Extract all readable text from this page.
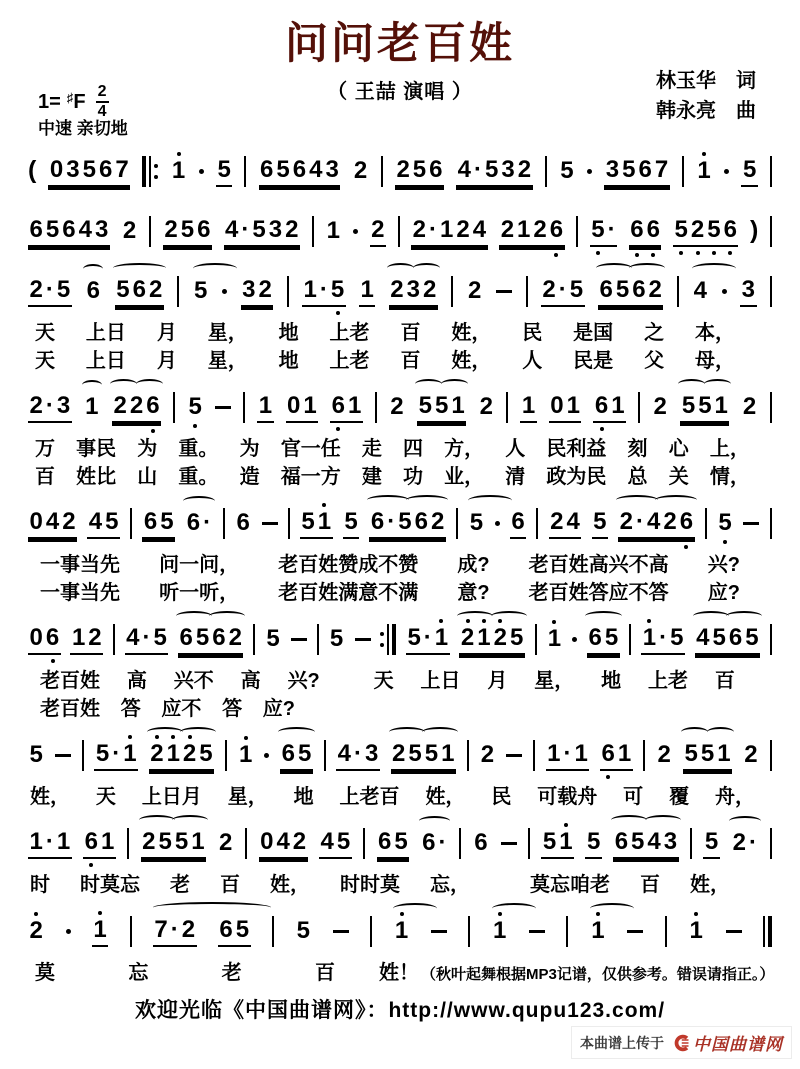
问问老百姓
（ 王喆 演唱 ）	林玉华　词
韩永亮　曲
1= ♯ F $\frac{2}{4}$
中速 亲切地
( 0 3 5 6 7 1 5 6 5 6 4 3 2 2 5 6 4 · 5 3 2 5 3 5 6 7 1 5
6 5 6 4 3 2 2 5 6 4 · 5 3 2 1 2 2 · 1 2 4 2 1 2 6 5 · 6 6 5 2 5 6 )
2 · 5 6 5 6 2 5 3 2 1 · 5 1 2 3 2 2	2 · 5 6 5 6 2 4 3
天 上日 月 星， 地 上老 百 姓， 民 是国 之 本，
天 上日 月 星， 地 上老 百 姓， 人 民是 父 母，
2 · 3 1 2 2 6 5 1 0 1 6 1 2 5 5 1 2 1 0 1 6 1 2 5 5 1 2
万 事民 为 重。 为 官一任 走 四 方， 人 民利益 刻 心 上，
百 姓比 山 重。 造 福一方 建 功 业， 清 政为民 总 关 情，
0 4 2 4 5 6 5 6 · 6 5 1 5 6 · 5 6 2 5 6 2 4 5 2 · 4 2 6 5
一事当先 问一问， 老百姓赞成不赞 成? 老百姓高兴不高 兴?
一事当先 听一听， 老百姓满意不满 意? 老百姓答应不答 应?
0 6 1 2 4 · 5 6 5 6 2 5 5	5 · 1 2 1 2 5 1 6 5 1 · 5 4 5 6 5
老百姓 高 兴不 高 兴?	天 上日 月 星， 地 上老 百
老百姓 答 应不 答 应?
5 5 · 1 2 1 2 5 1 6 5 4 · 3 2 5 5 1 2 1 · 1 6 1 2 5 5 1 2
姓， 天 上日月 星， 地 上老百 姓， 民 可载舟 可 覆 舟，
1 · 1 6 1 2 5 5 1 2 0 4 2 4 5 6 5 6 · 6 5 1 5 6 5 4 3 5 2 ·
时 时莫忘 老 百 姓， 时时莫 忘，	莫忘咱老 百 姓，
2 1 7 · 2 6 5 5	1	1	1	1
莫	忘	老	百 姓！ （秋叶起舞根据MP3记谱，仅供参考。错误请指正。）
欢迎光临《中国曲谱网》：http://www.qupu123.com/
本曲谱上传于 中国曲谱网
